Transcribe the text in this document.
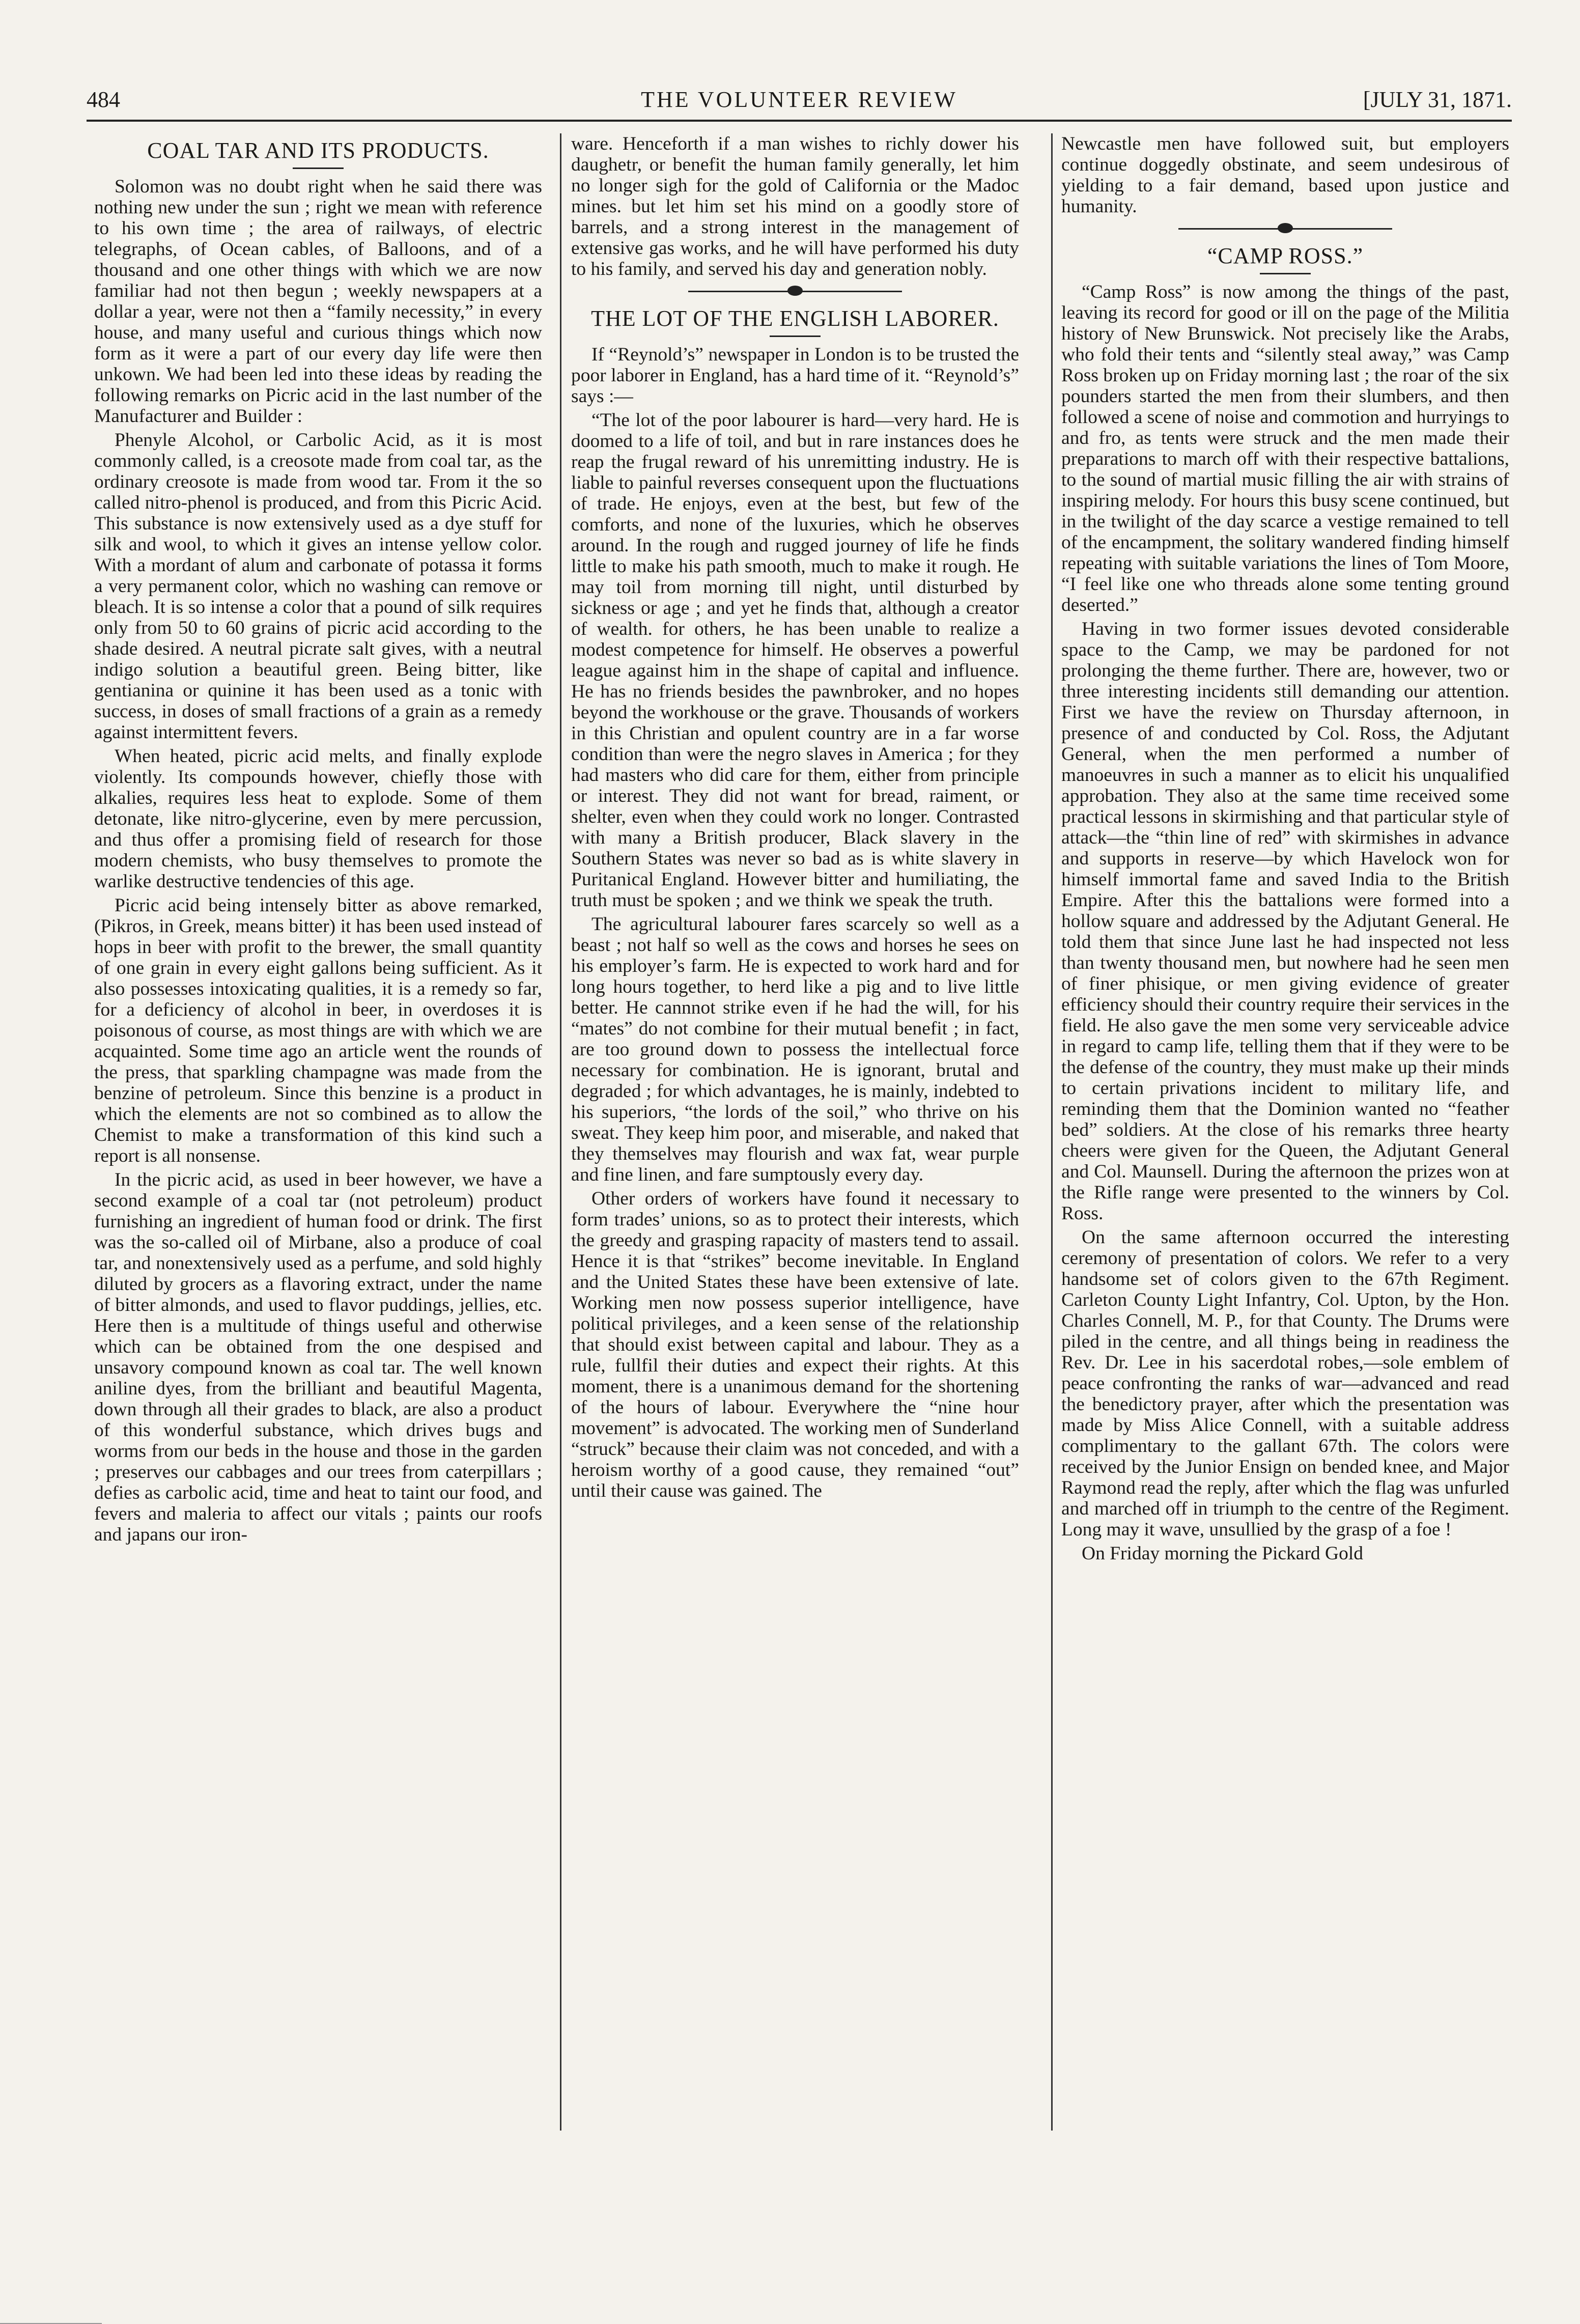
484	THE VOLUNTEER REVIEW	[JULY 31, 1871.
COAL TAR AND ITS PRODUCTS.

Solomon was no doubt right when he said there was nothing new under the sun ; right we mean with reference to his own time ; the area of railways, of electric telegraphs, of Ocean cables, of Balloons, and of a thousand and one other things with which we are now familiar had not then begun ; weekly newspapers at a dollar a year, were not then a “family necessity,” in every house, and many useful and curious things which now form as it were a part of our every day life were then unkown. We had been led into these ideas by reading the following remarks on Picric acid in the last number of the Manufacturer and Builder :

Phenyle Alcohol, or Carbolic Acid, as it is most commonly called, is a creosote made from coal tar, as the ordinary creosote is made from wood tar. From it the so called nitro-phenol is produced, and from this Picric Acid. This substance is now extensively used as a dye stuff for silk and wool, to which it gives an intense yellow color. With a mordant of alum and carbonate of potassa it forms a very permanent color, which no washing can remove or bleach. It is so intense a color that a pound of silk requires only from 50 to 60 grains of picric acid according to the shade desired. A neutral picrate salt gives, with a neutral indigo solution a beautiful green. Being bitter, like gentianina or quinine it has been used as a tonic with success, in doses of small fractions of a grain as a remedy against intermittent fevers.

When heated, picric acid melts, and finally explode violently. Its compounds however, chiefly those with alkalies, requires less heat to explode. Some of them detonate, like nitro-glycerine, even by mere percussion, and thus offer a promising field of research for those modern chemists, who busy themselves to promote the warlike destructive tendencies of this age.

Picric acid being intensely bitter as above remarked, (Pikros, in Greek, means bitter) it has been used instead of hops in beer with profit to the brewer, the small quantity of one grain in every eight gallons being sufficient. As it also possesses intoxicating qualities, it is a remedy so far, for a deficiency of alcohol in beer, in overdoses it is poisonous of course, as most things are with which we are acquainted. Some time ago an article went the rounds of the press, that sparkling champagne was made from the benzine of petroleum. Since this benzine is a product in which the elements are not so combined as to allow the Chemist to make a transformation of this kind such a report is all nonsense.

In the picric acid, as used in beer however, we have a second example of a coal tar (not petroleum) product furnishing an ingredient of human food or drink. The first was the so-called oil of Mirbane, also a produce of coal tar, and nonextensively used as a perfume, and sold highly diluted by grocers as a flavoring extract, under the name of bitter almonds, and used to flavor puddings, jellies, etc. Here then is a multitude of things useful and otherwise which can be obtained from the one despised and unsavory compound known as coal tar. The well known aniline dyes, from the brilliant and beautiful Magenta, down through all their grades to black, are also a product of this wonderful substance, which drives bugs and worms from our beds in the house and those in the garden ; preserves our cabbages and our trees from caterpillars ; defies as carbolic acid, time and heat to taint our food, and fevers and maleria to affect our vitals ; paints our roofs and japans our iron-

ware. Henceforth if a man wishes to richly dower his daughetr, or benefit the human family generally, let him no longer sigh for the gold of California or the Madoc mines. but let him set his mind on a goodly store of barrels, and a strong interest in the management of extensive gas works, and he will have performed his duty to his family, and served his day and generation nobly.

THE LOT OF THE ENGLISH LABORER.

If “Reynold’s” newspaper in London is to be trusted the poor laborer in England, has a hard time of it. “Reynold’s” says :—

“The lot of the poor labourer is hard—very hard. He is doomed to a life of toil, and but in rare instances does he reap the frugal reward of his unremitting industry. He is liable to painful reverses consequent upon the fluctuations of trade. He enjoys, even at the best, but few of the comforts, and none of the luxuries, which he observes around. In the rough and rugged journey of life he finds little to make his path smooth, much to make it rough. He may toil from morning till night, until disturbed by sickness or age ; and yet he finds that, although a creator of wealth. for others, he has been unable to realize a modest competence for himself. He observes a powerful league against him in the shape of capital and influence. He has no friends besides the pawnbroker, and no hopes beyond the workhouse or the grave. Thousands of workers in this Christian and opulent country are in a far worse condition than were the negro slaves in America ; for they had masters who did care for them, either from principle or interest. They did not want for bread, raiment, or shelter, even when they could work no longer. Contrasted with many a British producer, Black slavery in the Southern States was never so bad as is white slavery in Puritanical England. However bitter and humiliating, the truth must be spoken ; and we think we speak the truth.

The agricultural labourer fares scarcely so well as a beast ; not half so well as the cows and horses he sees on his employer’s farm. He is expected to work hard and for long hours together, to herd like a pig and to live little better. He cannnot strike even if he had the will, for his “mates” do not combine for their mutual benefit ; in fact, are too ground down to possess the intellectual force necessary for combination. He is ignorant, brutal and degraded ; for which advantages, he is mainly, indebted to his superiors, “the lords of the soil,” who thrive on his sweat. They keep him poor, and miserable, and naked that they themselves may flourish and wax fat, wear purple and fine linen, and fare sumptously every day.

Other orders of workers have found it necessary to form trades’ unions, so as to protect their interests, which the greedy and grasping rapacity of masters tend to assail. Hence it is that “strikes” become inevitable. In England and the United States these have been extensive of late. Working men now possess superior intelligence, have political privileges, and a keen sense of the relationship that should exist between capital and labour. They as a rule, fullfil their duties and expect their rights. At this moment, there is a unanimous demand for the shortening of the hours of labour. Everywhere the “nine hour movement” is advocated. The working men of Sunderland “struck” because their claim was not conceded, and with a heroism worthy of a good cause, they remained “out” until their cause was gained. The

Newcastle men have followed suit, but employers continue doggedly obstinate, and seem undesirous of yielding to a fair demand, based upon justice and humanity.

“CAMP ROSS.”

“Camp Ross” is now among the things of the past, leaving its record for good or ill on the page of the Militia history of New Brunswick. Not precisely like the Arabs, who fold their tents and “silently steal away,” was Camp Ross broken up on Friday morning last ; the roar of the six pounders started the men from their slumbers, and then followed a scene of noise and commotion and hurryings to and fro, as tents were struck and the men made their preparations to march off with their respective battalions, to the sound of martial music filling the air with strains of inspiring melody. For hours this busy scene continued, but in the twilight of the day scarce a vestige remained to tell of the encampment, the solitary wandered finding himself repeating with suitable variations the lines of Tom Moore, “I feel like one who threads alone some tenting ground deserted.”

Having in two former issues devoted considerable space to the Camp, we may be pardoned for not prolonging the theme further. There are, however, two or three interesting incidents still demanding our attention. First we have the review on Thursday afternoon, in presence of and conducted by Col. Ross, the Adjutant General, when the men performed a number of manoeuvres in such a manner as to elicit his unqualified approbation. They also at the same time received some practical lessons in skirmishing and that particular style of attack—the “thin line of red” with skirmishes in advance and supports in reserve—by which Havelock won for himself immortal fame and saved India to the British Empire. After this the battalions were formed into a hollow square and addressed by the Adjutant General. He told them that since June last he had inspected not less than twenty thousand men, but nowhere had he seen men of finer phisique, or men giving evidence of greater efficiency should their country require their services in the field. He also gave the men some very serviceable advice in regard to camp life, telling them that if they were to be the defense of the country, they must make up their minds to certain privations incident to military life, and reminding them that the Dominion wanted no “feather bed” soldiers. At the close of his remarks three hearty cheers were given for the Queen, the Adjutant General and Col. Maunsell. During the afternoon the prizes won at the Rifle range were presented to the winners by Col. Ross.

On the same afternoon occurred the interesting ceremony of presentation of colors. We refer to a very handsome set of colors given to the 67th Regiment. Carleton County Light Infantry, Col. Upton, by the Hon. Charles Connell, M. P., for that County. The Drums were piled in the centre, and all things being in readiness the Rev. Dr. Lee in his sacerdotal robes,—sole emblem of peace confronting the ranks of war—advanced and read the benedictory prayer, after which the presentation was made by Miss Alice Connell, with a suitable address complimentary to the gallant 67th. The colors were received by the Junior Ensign on bended knee, and Major Raymond read the reply, after which the flag was unfurled and marched off in triumph to the centre of the Regiment. Long may it wave, unsullied by the grasp of a foe !

On Friday morning the Pickard Gold
